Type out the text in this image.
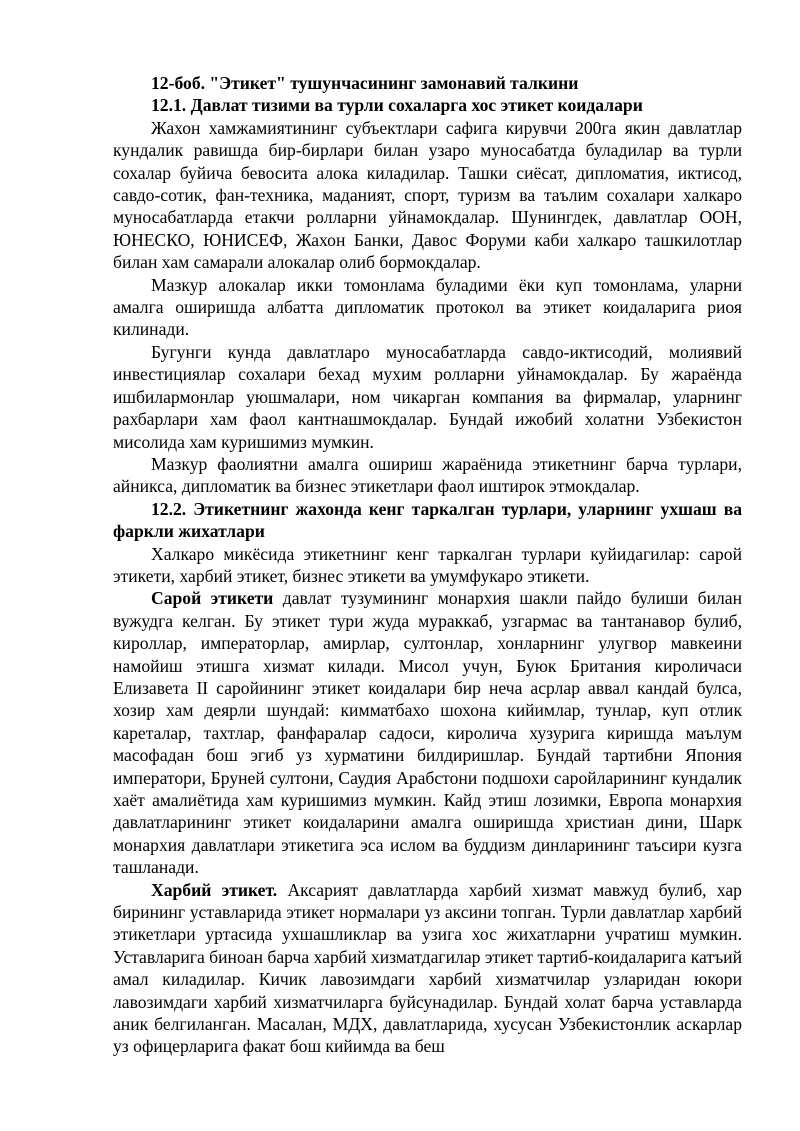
12-боб. "Этикет" тушунчасининг замонавий талкини

12.1. Давлат тизими ва турли сохаларга хос этикет коидалари

Жахон хамжамиятининг субъектлари сафига кирувчи 200га якин давлатлар кундалик равишда бир-бирлари билан узаро муносабатда буладилар ва турли сохалар буйича бевосита алока киладилар. Ташки сиёсат, дипломатия, иктисод, савдо-сотик, фан-техника, маданият, спорт, туризм ва таълим сохалари халкаро муносабатларда етакчи ролларни уйнамокдалар. Шунингдек, давлатлар ООН, ЮНЕСКО, ЮНИСЕФ, Жахон Банки, Давос Форуми каби халкаро ташкилотлар билан хам самарали алокалар олиб бормокдалар.

Мазкур алокалар икки томонлама буладими ёки куп томонлама, уларни амалга оширишда албатта дипломатик протокол ва этикет коидаларига риоя килинади.

Бугунги кунда давлатларо муносабатларда савдо-иктисодий, молиявий инвестициялар сохалари бехад мухим ролларни уйнамокдалар. Бу жараёнда ишбилармонлар уюшмалари, ном чикарган компания ва фирмалар, уларнинг рахбарлари хам фаол кантнашмокдалар. Бундай ижобий холатни Узбекистон мисолида хам куришимиз мумкин.

Мазкур фаолиятни амалга ошириш жараёнида этикетнинг барча турлари, айникса, дипломатик ва бизнес этикетлари фаол иштирок этмокдалар.

12.2. Этикетнинг жахонда кенг таркалган турлари, уларнинг ухшаш ва фаркли жихатлари

Халкаро микёсида этикетнинг кенг таркалган турлари куйидагилар: сарой этикети, харбий этикет, бизнес этикети ва умумфукаро этикети.

Сарой этикети давлат тузумининг монархия шакли пайдо булиши билан вужудга келган. Бу этикет тури жуда мураккаб, узгармас ва тантанавор булиб, кироллар, императорлар, амирлар, султонлар, хонларнинг улугвор мавкеини намойиш этишга хизмат килади. Мисол учун, Буюк Британия кироличаси Елизавета II саройининг этикет коидалари бир неча асрлар аввал кандай булса, хозир хам деярли шундай: кимматбахо шохона кийимлар, тунлар, куп отлик кареталар, тахтлар, фанфаралар садоси, киролича хузурига киришда маълум масофадан бош эгиб уз хурматини билдиришлар. Бундай тартибни Япония императори, Бруней султони, Саудия Арабстони подшохи саройларининг кундалик хаёт амалиётида хам куришимиз мумкин. Кайд этиш лозимки, Европа монархия давлатларининг этикет коидаларини амалга оширишда христиан дини, Шарк монархия давлатлари этикетига эса ислом ва буддизм динларининг таъсири кузга ташланади.

Харбий этикет. Аксарият давлатларда харбий хизмат мавжуд булиб, хар бирининг уставларида этикет нормалари уз аксини топган. Турли давлатлар харбий этикетлари уртасида ухшашликлар ва узига хос жихатларни учратиш мумкин. Уставларига биноан барча харбий хизматдагилар этикет тартиб-коидаларига катъий амал киладилар. Кичик лавозимдаги харбий хизматчилар узларидан юкори лавозимдаги харбий хизматчиларга буйсунадилар. Бундай холат барча уставларда аник белгиланган. Масалан, МДХ, давлатларида, хусусан Узбекистонлик аскарлар уз офицерларига факат бош кийимда ва беш
